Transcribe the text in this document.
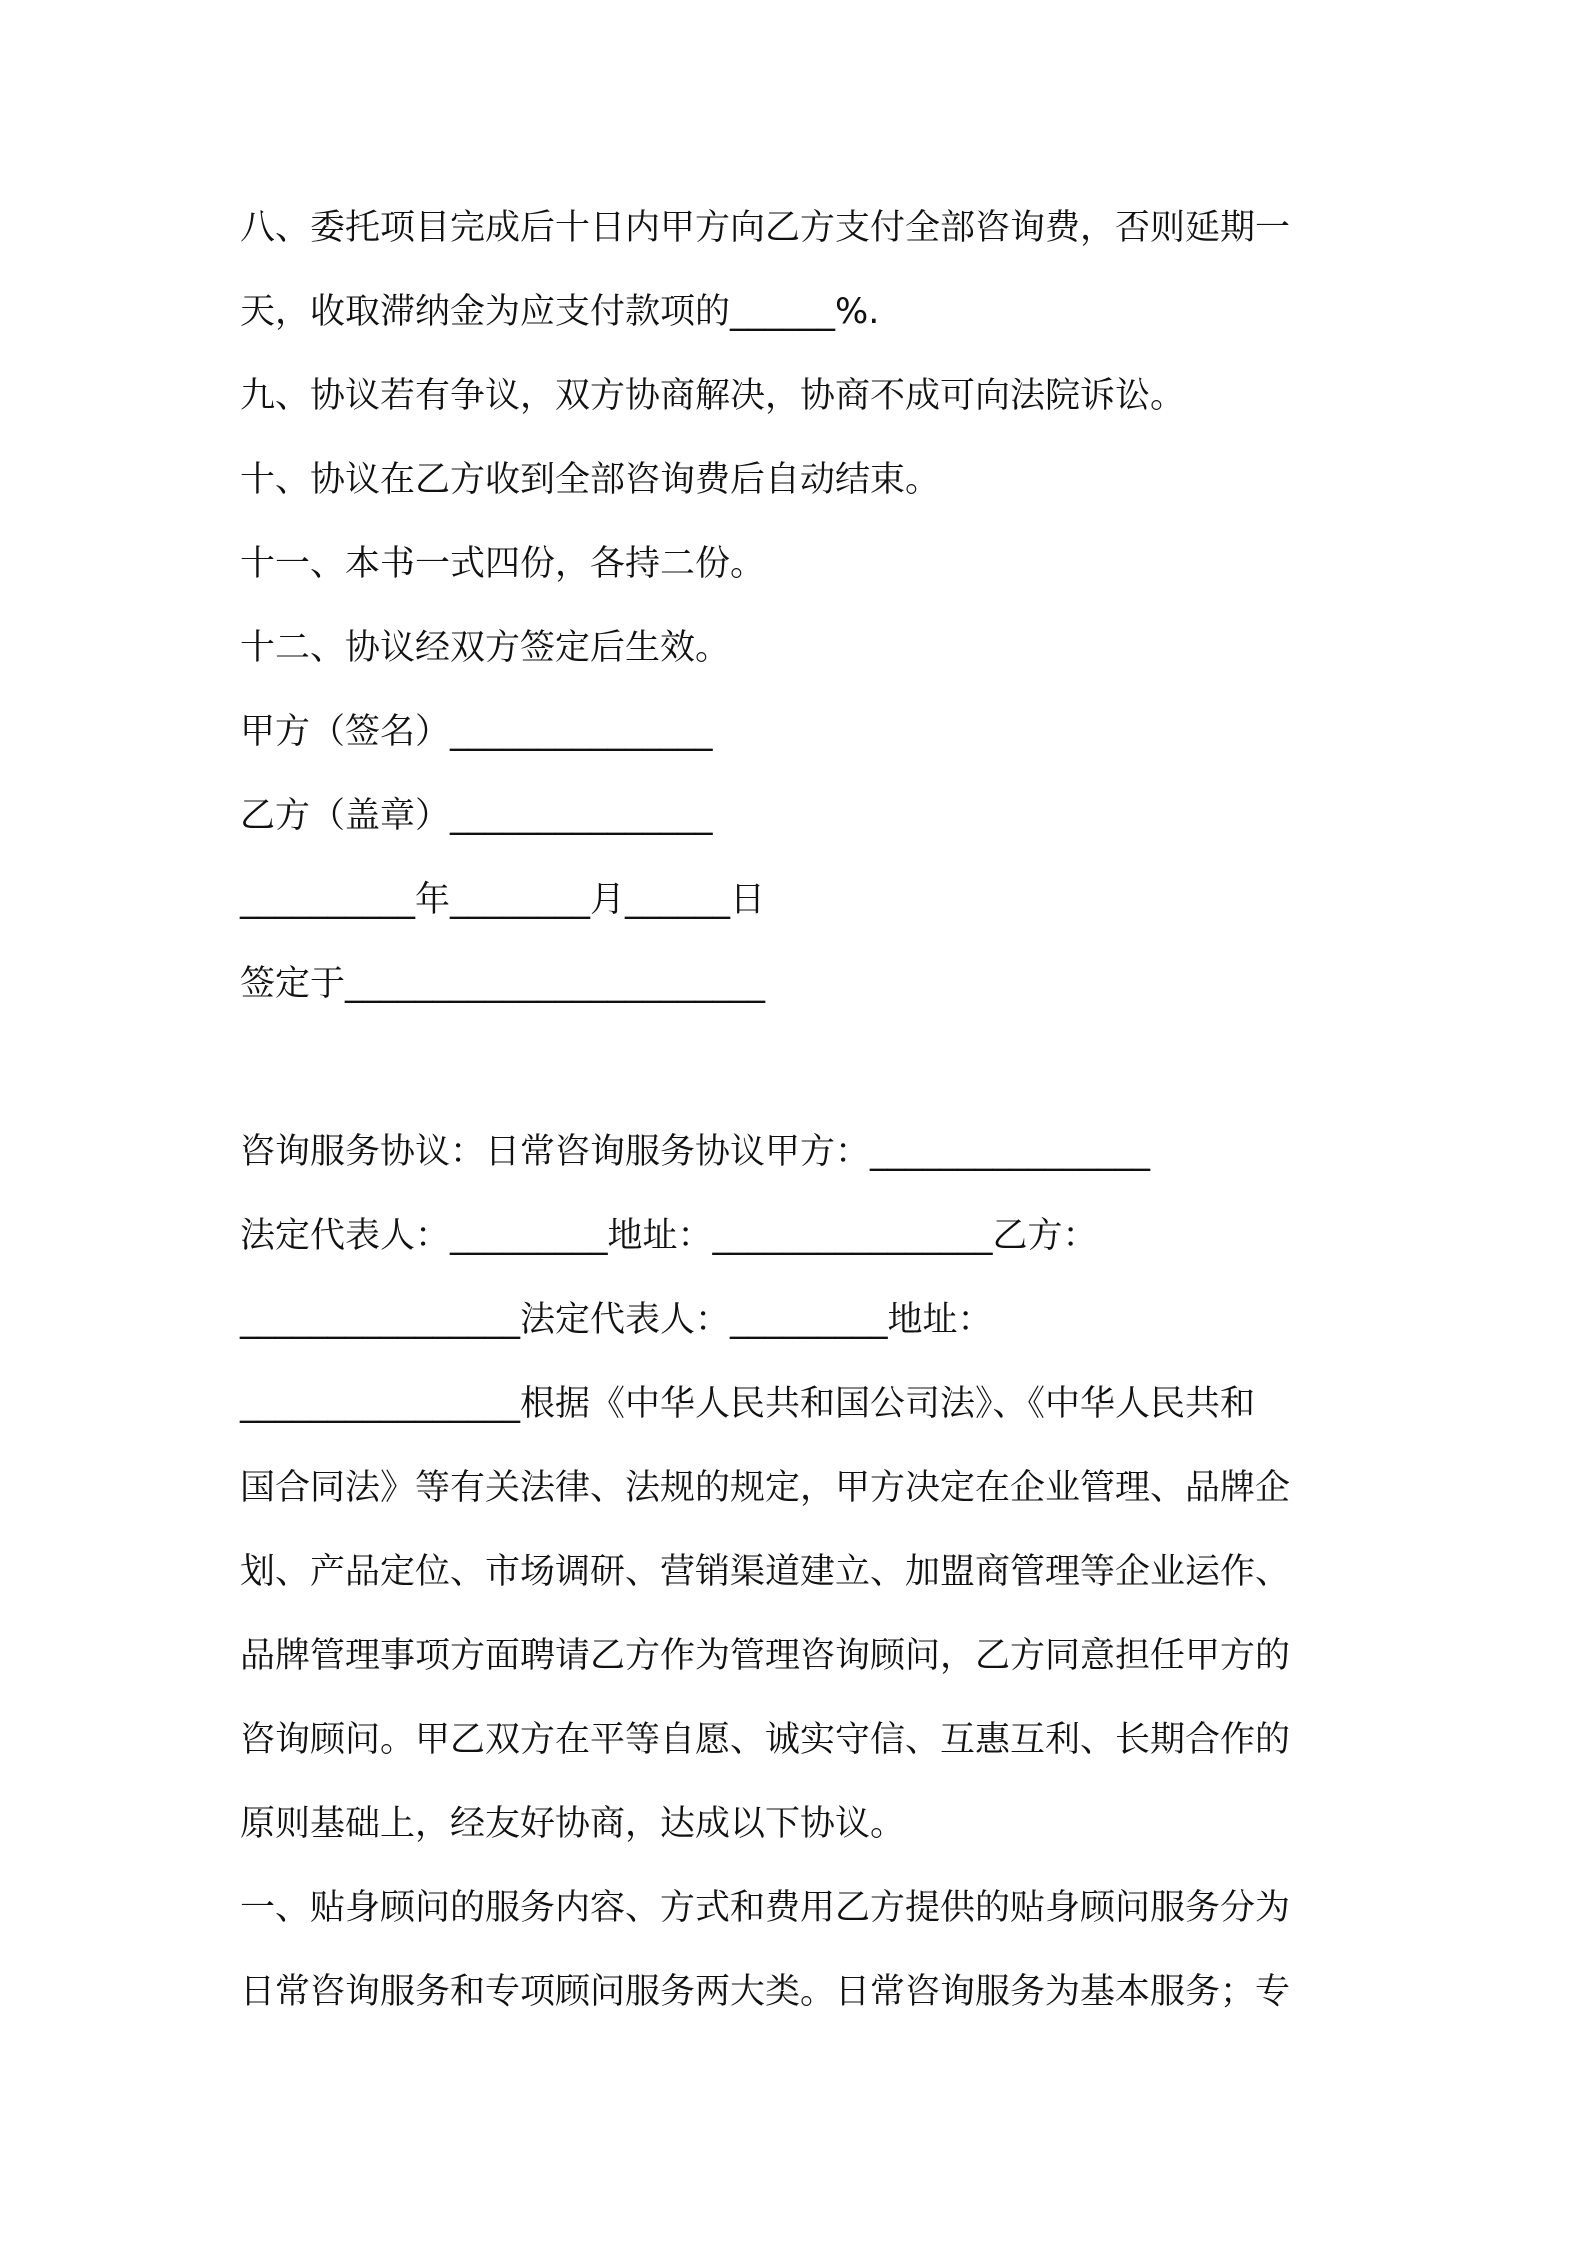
八、委托项目完成后十日内甲方向乙方支付全部咨询费，否则延期一
天，收取滞纳金为应支付款项的______%.
九、协议若有争议，双方协商解决，协商不成可向法院诉讼。
十、协议在乙方收到全部咨询费后自动结束。
十一、本书一式四份，各持二份。
十二、协议经双方签定后生效。
甲方（签名）_______________
乙方（盖章）_______________
__________年________月______日
签定于________________________
咨询服务协议：日常咨询服务协议甲方：________________
法定代表人：_________地址：________________乙方：
________________法定代表人：_________地址：
________________根据《中华人民共和国公司法》、《中华人民共和
国合同法》等有关法律、法规的规定，甲方决定在企业管理、品牌企
划、产品定位、市场调研、营销渠道建立、加盟商管理等企业运作、
品牌管理事项方面聘请乙方作为管理咨询顾问，乙方同意担任甲方的
咨询顾问。甲乙双方在平等自愿、诚实守信、互惠互利、长期合作的
原则基础上，经友好协商，达成以下协议。
一、贴身顾问的服务内容、方式和费用乙方提供的贴身顾问服务分为
日常咨询服务和专项顾问服务两大类。日常咨询服务为基本服务；专
